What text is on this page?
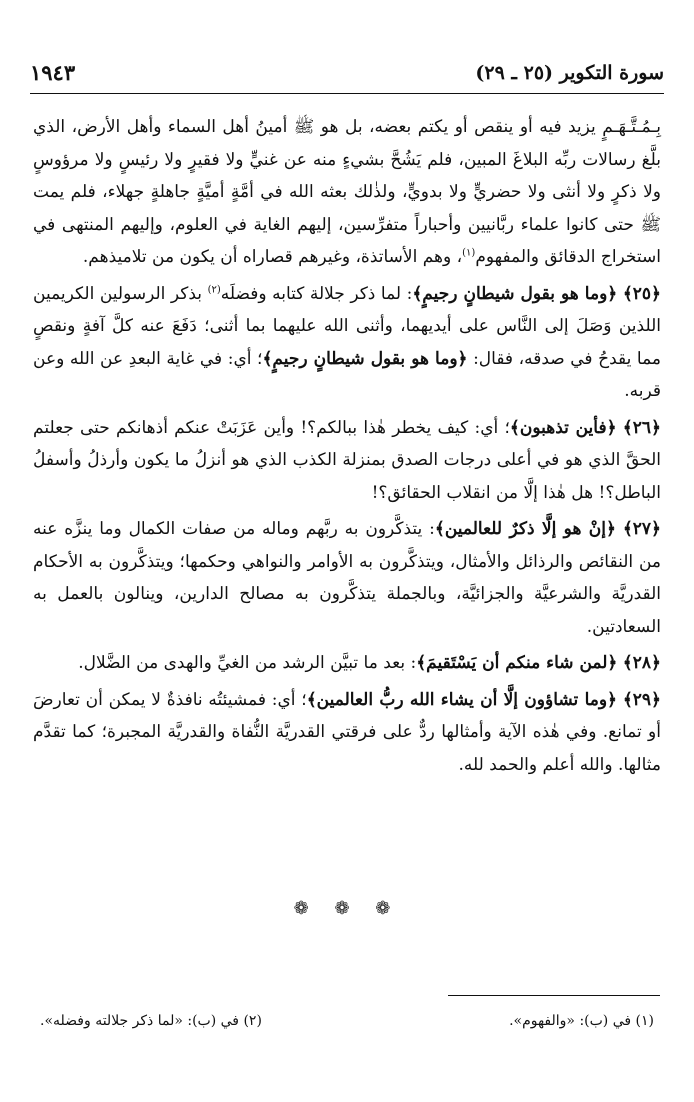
سورة التكوير (٢٥ ـ ٢٩)
١٩٤٣

بِـمُـتَّـهَـمٍ يزيد فيه أو ينقص أو يكتم بعضه، بل هو ﷺ أمينُ أهل السماء وأهل الأرض، الذي بلَّغ رسالات ربِّه البلاغَ المبين، فلم يَشُحَّ بشيءٍ منه عن غنيٍّ ولا فقيرٍ ولا رئيسٍ ولا مرؤوسٍ ولا ذكرٍ ولا أنثى ولا حضريٍّ ولا بدويٍّ، ولذٰلك بعثه الله في أمَّةٍ أميَّةٍ جاهلةٍ جهلاء، فلم يمت ﷺ حتى كانوا علماء ربَّانيين وأحباراً متفرِّسين، إليهم الغاية في العلوم، وإليهم المنتهى في استخراج الدقائق والمفهوم$^{(١)}$، وهم الأساتذة، وغيرهم قصاراه أن يكون من تلاميذهم.

﴿٢٥﴾ ﴿وما هو بقول شيطانٍ رجيمٍ﴾: لما ذكر جلالة كتابه وفضلَه$^{(٢)}$ بذكر الرسولين الكريمين اللذين وَصَلَ إلى النَّاس على أيديهما، وأثنى الله عليهما بما أثنى؛ دَفَعَ عنه كلَّ آفةٍ ونقصٍ مما يقدحُ في صدقه، فقال: ﴿وما هو بقول شيطانٍ رجيمٍ﴾؛ أي: في غاية البعدِ عن الله وعن قربه.

﴿٢٦﴾ ﴿فأين تذهبون﴾؛ أي: كيف يخطر هٰذا ببالكم؟! وأين عَزَبَتْ عنكم أذهانكم حتى جعلتم الحقَّ الذي هو في أعلى درجات الصدق بمنزلة الكذب الذي هو أنزلُ ما يكون وأرذلُ وأسفلُ الباطل؟! هل هٰذا إلَّا من انقلاب الحقائق؟!

﴿٢٧﴾ ﴿إنْ هو إلَّا ذكرٌ للعالمين﴾: يتذكَّرون به ربَّهم وماله من صفات الكمال وما ينزَّه عنه من النقائص والرذائل والأمثال، ويتذكَّرون به الأوامر والنواهي وحكمها؛ ويتذكَّرون به الأحكام القدريَّة والشرعيَّة والجزائيَّة، وبالجملة يتذكَّرون به مصالح الدارين، وينالون بالعمل به السعادتين.

﴿٢٨﴾ ﴿لمن شاء منكم أن يَسْتَقيمَ﴾: بعد ما تبيَّن الرشد من الغيِّ والهدى من الضَّلال.

﴿٢٩﴾ ﴿وما تشاؤون إلَّا أن يشاء الله ربُّ العالمين﴾؛ أي: فمشيئتُه نافذةٌ لا يمكن أن تعارضَ أو تمانع. وفي هٰذه الآية وأمثالها ردٌّ على فرقتي القدريَّة النُّفاة والقدريَّة المجبرة؛ كما تقدَّم مثالها. والله أعلم والحمد لله.

❁ ❁ ❁
(١) في (ب): «والفهوم».
(٢) في (ب): «لما ذكر جلالته وفضله».
